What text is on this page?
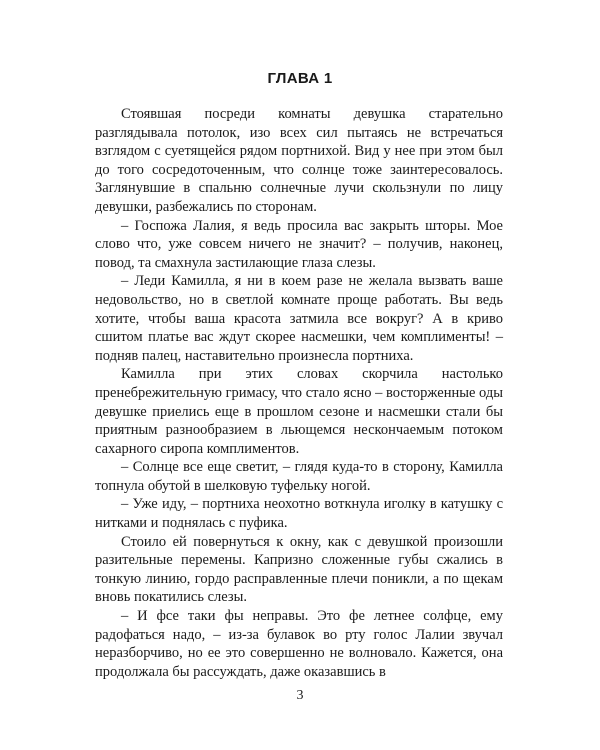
ГЛАВА 1

Стоявшая посреди комнаты девушка старательно разглядывала потолок, изо всех сил пытаясь не встречаться взглядом с суетящейся рядом портнихой. Вид у нее при этом был до того сосредоточенным, что солнце тоже заинтересовалось. Заглянувшие в спальню солнечные лучи скользнули по лицу девушки, разбежались по сторонам.

– Госпожа Лалия, я ведь просила вас закрыть шторы. Мое слово что, уже совсем ничего не значит? – получив, наконец, повод, та смахнула застилающие глаза слезы.

– Леди Камилла, я ни в коем разе не желала вызвать ваше недовольство, но в светлой комнате проще работать. Вы ведь хотите, чтобы ваша красота затмила все вокруг? А в криво сшитом платье вас ждут скорее насмешки, чем комплименты! – подняв палец, наставительно произнесла портниха.

Камилла при этих словах скорчила настолько пренебрежительную гримасу, что стало ясно – восторженные оды девушке приелись еще в прошлом сезоне и насмешки стали бы приятным разнообразием в льющемся нескончаемым потоком сахарного сиропа комплиментов.

– Солнце все еще светит, – глядя куда-то в сторону, Камилла топнула обутой в шелковую туфельку ногой.

– Уже иду, – портниха неохотно воткнула иголку в катушку с нитками и поднялась с пуфика.

Стоило ей повернуться к окну, как с девушкой произошли разительные перемены. Капризно сложенные губы сжались в тонкую линию, гордо расправленные плечи поникли, а по щекам вновь покатились слезы.

– И фсе таки фы неправы. Это фе летнее солфце, ему радофаться надо, – из-за булавок во рту голос Лалии звучал неразборчиво, но ее это совершенно не волновало. Кажется, она продолжала бы рассуждать, даже оказавшись в

3
